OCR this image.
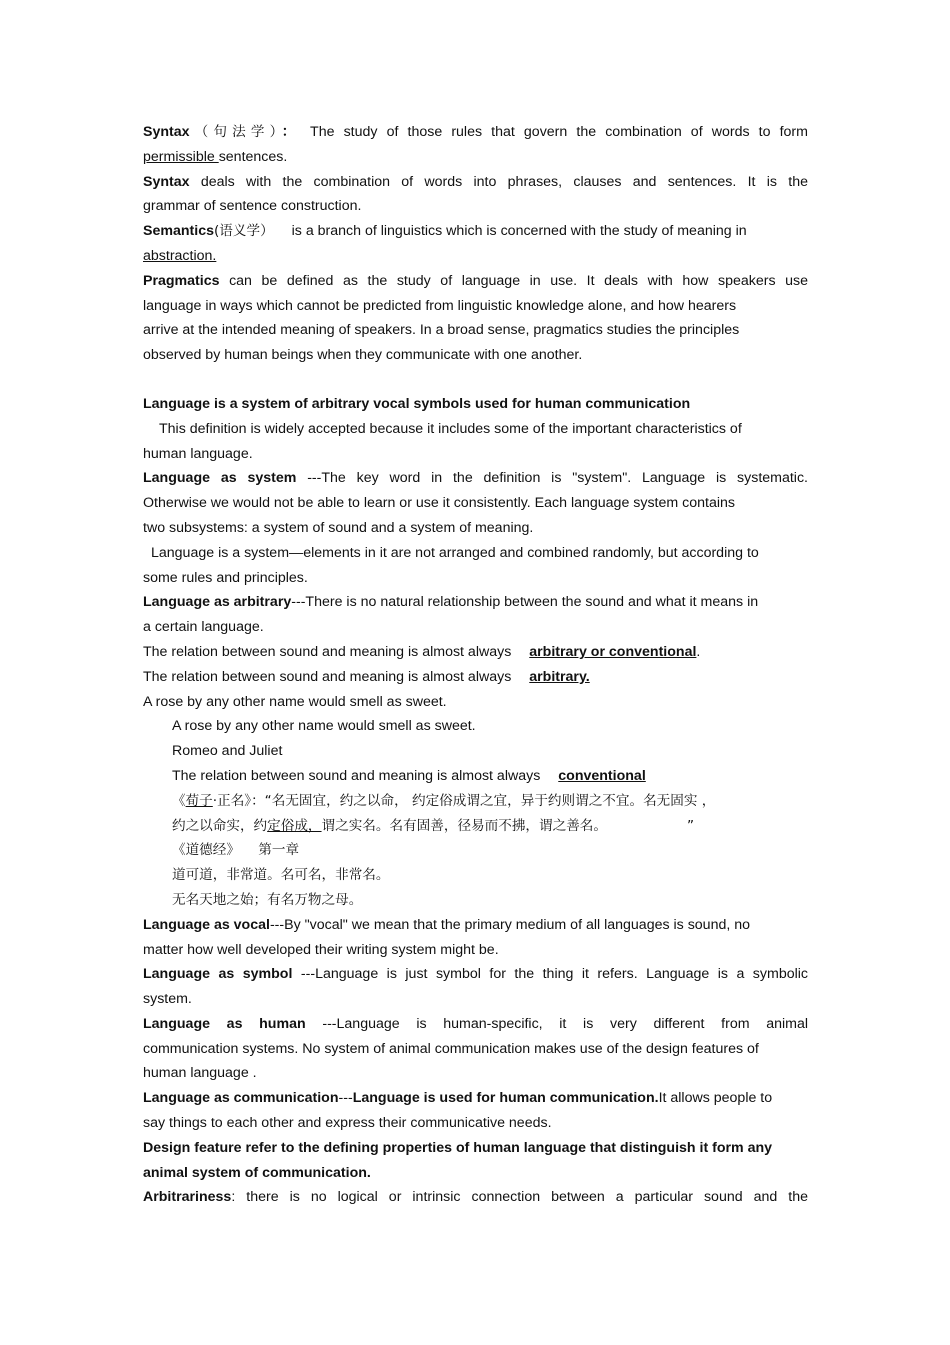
Syntax（句法学）： The study of those rules that govern the combination of words to form

permissible sentences.

Syntax deals with the combination of words into phrases, clauses and sentences. It is the

grammar of sentence construction.

Semantics(语义学） is a branch of linguistics which is concerned with the study of meaning in

abstraction.

Pragmatics can be defined as the study of language in use. It deals with how speakers use

language in ways which cannot be predicted from linguistic knowledge alone, and how hearers

arrive at the intended meaning of speakers. In a broad sense, pragmatics studies the principles

observed by human beings when they communicate with one another.

Language is a system of arbitrary vocal symbols used for human communication

This definition is widely accepted because it includes some of the important characteristics of

human language.

Language as system ---The key word in the definition is "system". Language is systematic.

Otherwise we would not be able to learn or use it consistently. Each language system contains

two subsystems: a system of sound and a system of meaning.

Language is a system—elements in it are not arranged and combined randomly, but according to

some rules and principles.

Language as arbitrary---There is no natural relationship between the sound and what it means in

a certain language.

The relation between sound and meaning is almost always arbitrary or conventional.

The relation between sound and meaning is almost always arbitrary.

A rose by any other name would smell as sweet.

A rose by any other name would smell as sweet.

Romeo and Juliet

The relation between sound and meaning is almost always conventional

《荀子·正名》：“名无固宜，约之以命， 约定俗成谓之宜，异于约则谓之不宜。名无固实 ，

约之以命实，约定俗成，谓之实名。名有固善，径易而不拂，谓之善名。	”

《道德经》 第一章

道可道，非常道。名可名，非常名。

无名天地之始；有名万物之母。

Language as vocal---By "vocal" we mean that the primary medium of all languages is sound, no

matter how well developed their writing system might be.

Language as symbol ---Language is just symbol for the thing it refers. Language is a symbolic

system.

Language as human ---Language is human-specific, it is very different from animal

communication systems. No system of animal communication makes use of the design features of

human language .

Language as communication---Language is used for human communication.It allows people to

say things to each other and express their communicative needs.

Design feature refer to the defining properties of human language that distinguish it form any

animal system of communication.

Arbitrariness: there is no logical or intrinsic connection between a particular sound and the
